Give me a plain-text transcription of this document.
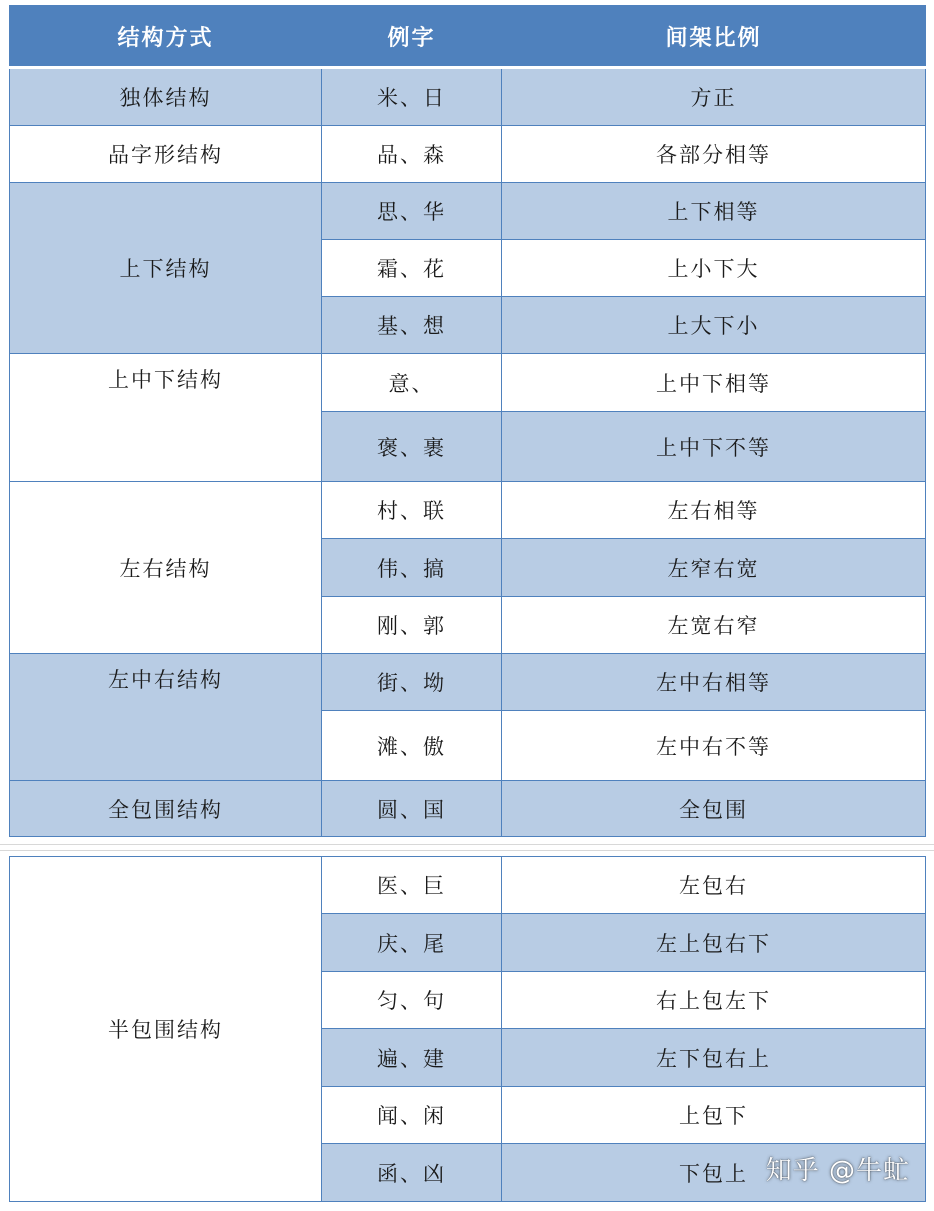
结构方式	例字	间架比例
独体结构	米、日	方正
品字形结构	品、森	各部分相等
上下结构	思、华	上下相等
	霜、花	上小下大
	基、想	上大下小
上中下结构	意、	上中下相等
	褒、裹	上中下不等
左右结构	村、联	左右相等
	伟、搞	左窄右宽
	刚、郭	左宽右窄
左中右结构	街、坳	左中右相等
	滩、傲	左中右不等
全包围结构	圆、国	全包围
半包围结构	医、巨	左包右
	庆、尾	左上包右下
	匀、句	右上包左下
	遍、建	左下包右上
	闻、闲	上包下
	函、凶	下包上 知乎 @牛虻
